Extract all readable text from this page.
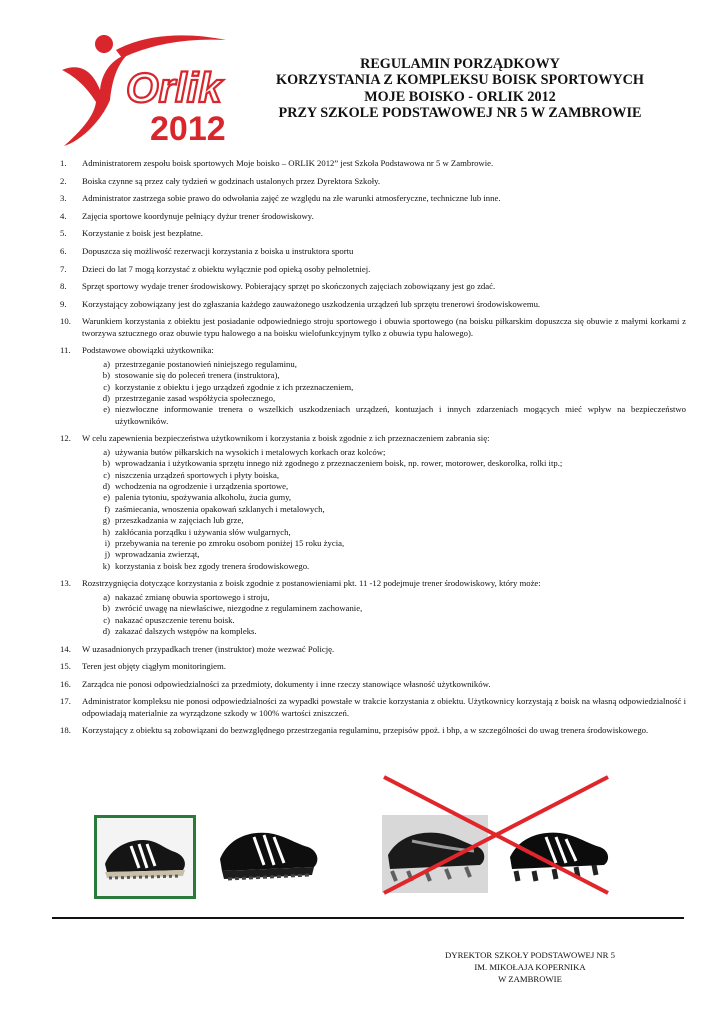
Orlik
2012
REGULAMIN PORZĄDKOWY
KORZYSTANIA Z KOMPLEKSU BOISK SPORTOWYCH
MOJE BOISKO - ORLIK 2012
PRZY SZKOLE PODSTAWOWEJ NR 5 W ZAMBROWIE
1.	Administratorem zespołu boisk sportowych Moje boisko – ORLIK 2012” jest Szkoła Podstawowa nr 5 w Zambrowie.
2.	Boiska czynne są przez cały tydzień w godzinach ustalonych przez Dyrektora Szkoły.
3.	Administrator zastrzega sobie prawo do odwołania zajęć ze względu na złe warunki atmosferyczne, techniczne lub inne.
4.	Zajęcia sportowe koordynuje pełniący dyżur trener środowiskowy.
5.	Korzystanie z boisk jest bezpłatne.
6.	Dopuszcza się możliwość rezerwacji korzystania z boiska u instruktora sportu
7.	Dzieci do lat 7 mogą korzystać z obiektu wyłącznie pod opieką osoby pełnoletniej.
8.	Sprzęt sportowy wydaje trener środowiskowy. Pobierający sprzęt po skończonych zajęciach zobowiązany jest go zdać.
9.	Korzystający zobowiązany jest do zgłaszania każdego zauważonego uszkodzenia urządzeń lub sprzętu trenerowi środowiskowemu.
10.	Warunkiem korzystania z obiektu jest posiadanie odpowiedniego stroju sportowego i obuwia sportowego (na boisku piłkarskim dopuszcza się obuwie z małymi korkami z tworzywa sztucznego oraz obuwie typu halowego a na boisku wielofunkcyjnym tylko z obuwia typu halowego).
11.	Podstawowe obowiązki użytkownika:
a) przestrzeganie postanowień niniejszego regulaminu,
b) stosowanie się do poleceń trenera (instruktora),
c) korzystanie z obiektu i jego urządzeń zgodnie z ich przeznaczeniem,
d) przestrzeganie zasad współżycia społecznego,
e) niezwłoczne informowanie trenera o wszelkich uszkodzeniach urządzeń, kontuzjach i innych zdarzeniach mogących mieć wpływ na bezpieczeństwo użytkowników.
12.	W celu zapewnienia bezpieczeństwa użytkownikom i korzystania z boisk zgodnie z ich przeznaczeniem zabrania się:
a) używania butów piłkarskich na wysokich i metalowych korkach oraz kolców;
b) wprowadzania i użytkowania sprzętu innego niż zgodnego z przeznaczeniem boisk, np. rower, motorower, deskorolka, rolki itp.;
c) niszczenia urządzeń sportowych i płyty boiska,
d) wchodzenia na ogrodzenie i urządzenia sportowe,
e) palenia tytoniu, spożywania alkoholu, żucia gumy,
f) zaśmiecania, wnoszenia opakowań szklanych i metalowych,
g) przeszkadzania w zajęciach lub grze,
h) zakłócania porządku i używania słów wulgarnych,
i) przebywania na terenie po zmroku osobom poniżej 15 roku życia,
j) wprowadzania zwierząt,
k) korzystania z boisk bez zgody trenera środowiskowego.
13.	Rozstrzygnięcia dotyczące korzystania z boisk zgodnie z postanowieniami pkt. 11 -12 podejmuje trener środowiskowy, który może:
a) nakazać zmianę obuwia sportowego i stroju,
b) zwrócić uwagę na niewłaściwe, niezgodne z regulaminem zachowanie,
c) nakazać opuszczenie terenu boisk.
d) zakazać dalszych wstępów na kompleks.
14.	W uzasadnionych przypadkach trener (instruktor) może wezwać Policję.
15.	Teren jest objęty ciągłym monitoringiem.
16.	Zarządca nie ponosi odpowiedzialności za przedmioty, dokumenty i inne rzeczy stanowiące własność użytkowników.
17.	Administrator kompleksu nie ponosi odpowiedzialności za wypadki powstałe w trakcie korzystania z obiektu. Użytkownicy korzystają z boisk na własną odpowiedzialność i odpowiadają materialnie za wyrządzone szkody w 100% wartości zniszczeń.
18.	Korzystający z obiektu są zobowiązani do bezwzględnego przestrzegania regulaminu, przepisów ppoż. i bhp, a w szczególności do uwag trenera środowiskowego.
DYREKTOR SZKOŁY PODSTAWOWEJ NR 5
IM. MIKOŁAJA KOPERNIKA
W ZAMBROWIE
